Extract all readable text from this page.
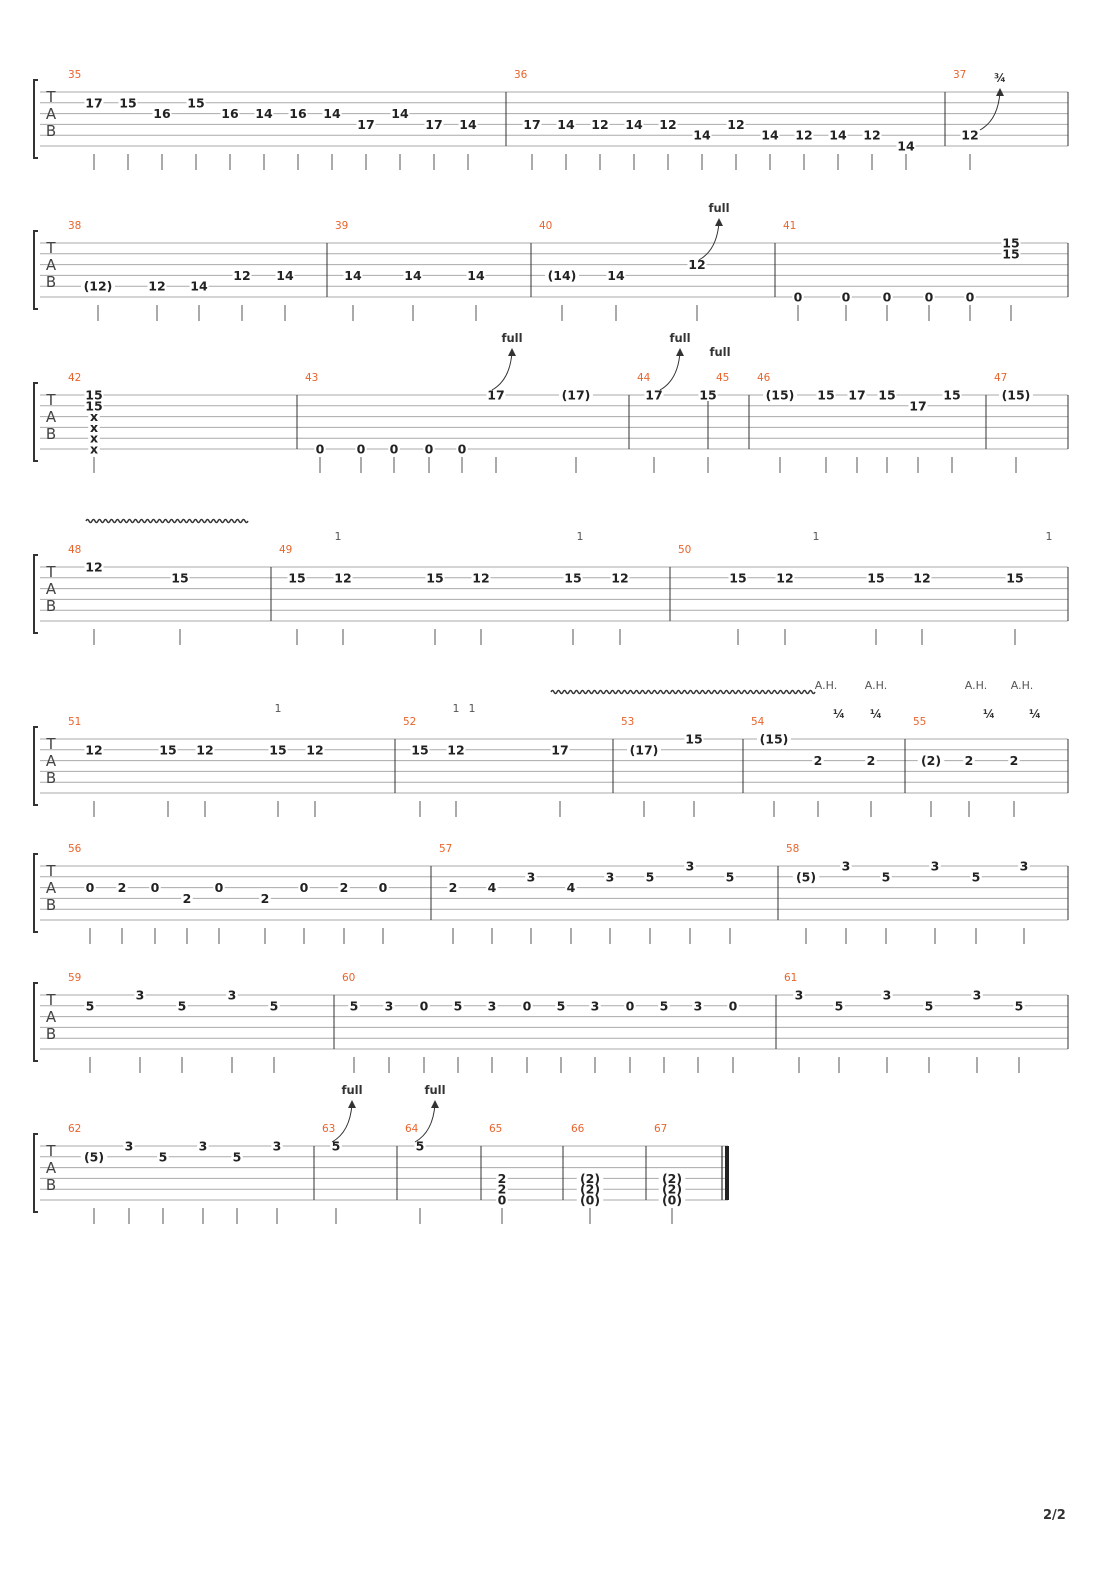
T
A
B
35
17 15
16
15
16 14 16 14
17
14
17 14
36
17 14 12 14 12
14
12
14 12 14 12
14
37
12
T
A
B
38
(12)	12 14
12 14
39
14	14	14
40
(14) 14
12
41
0	0	0	0	0
15
15
T
A
B
42
15
15
x
x
x
x
43
0	0 0 0 0
17
44
(17)
45
17	15
46
(15) 15 17 15
17
15
47
(15)
T
A
B
48
12
15
49
15 12	15 12	15 12
50
15 12	15 12	15
T
A
B
51
12	15 12	15 12
52
15 12	17
53
(17)
15
54
(15)
2	2
55
(2) 2	2
T
A
B
56
0 2 0
2
0
2
0	2 0
57
2 4
3
4
3	5
3
5
58
(5)
3
5
3
5
3
T
A
B
59
5
3
5
3
5
60
5 3 0 5 3 0 5 3 0 5 3 0
61
3
5
3
5
3
5
T
A
B
62
(5)
3
5
3
5
3
63
5
64
5
65
2
2
0
66
(2)
(2)
(0)
67
(2)
(2)
(0)
¾
full
full	full
full	full
full
¼ ¼	¼	¼
A.H.	A.H.	A.H. A.H.
1	1	1	1
1	1 1
2/2
